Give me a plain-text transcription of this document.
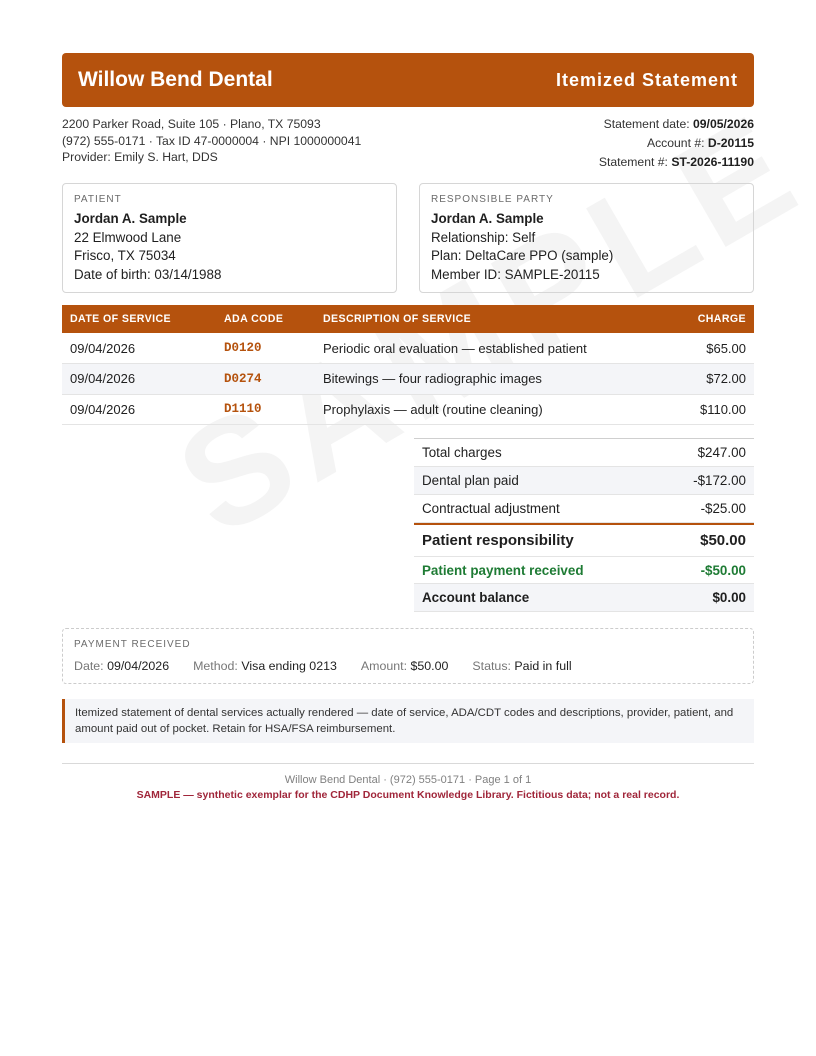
Willow Bend Dental	Itemized Statement
2200 Parker Road, Suite 105 · Plano, TX 75093
(972) 555-0171 · Tax ID 47-0000004 · NPI 1000000041
Provider: Emily S. Hart, DDS
Statement date: 09/05/2026
Account #: D-20115
Statement #: ST-2026-11190
PATIENT
Jordan A. Sample
22 Elmwood Lane
Frisco, TX 75034
Date of birth: 03/14/1988
RESPONSIBLE PARTY
Jordan A. Sample
Relationship: Self
Plan: DeltaCare PPO (sample)
Member ID: SAMPLE-20115
DATE OF SERVICE	ADA CODE	DESCRIPTION OF SERVICE	CHARGE
09/04/2026	D0120	Periodic oral evaluation — established patient	$65.00
09/04/2026	D0274	Bitewings — four radiographic images	$72.00
09/04/2026	D1110	Prophylaxis — adult (routine cleaning)	$110.00
Total charges	$247.00
Dental plan paid	-$172.00
Contractual adjustment	-$25.00
Patient responsibility	$50.00
Patient payment received	-$50.00
Account balance	$0.00
PAYMENT RECEIVED
Date: 09/04/2026 Method: Visa ending 0213 Amount: $50.00 Status: Paid in full
Itemized statement of dental services actually rendered — date of service, ADA/CDT codes and descriptions, provider, patient, and amount paid out of pocket. Retain for HSA/FSA reimbursement.
Willow Bend Dental · (972) 555-0171 · Page 1 of 1
SAMPLE — synthetic exemplar for the CDHP Document Knowledge Library. Fictitious data; not a real record.
